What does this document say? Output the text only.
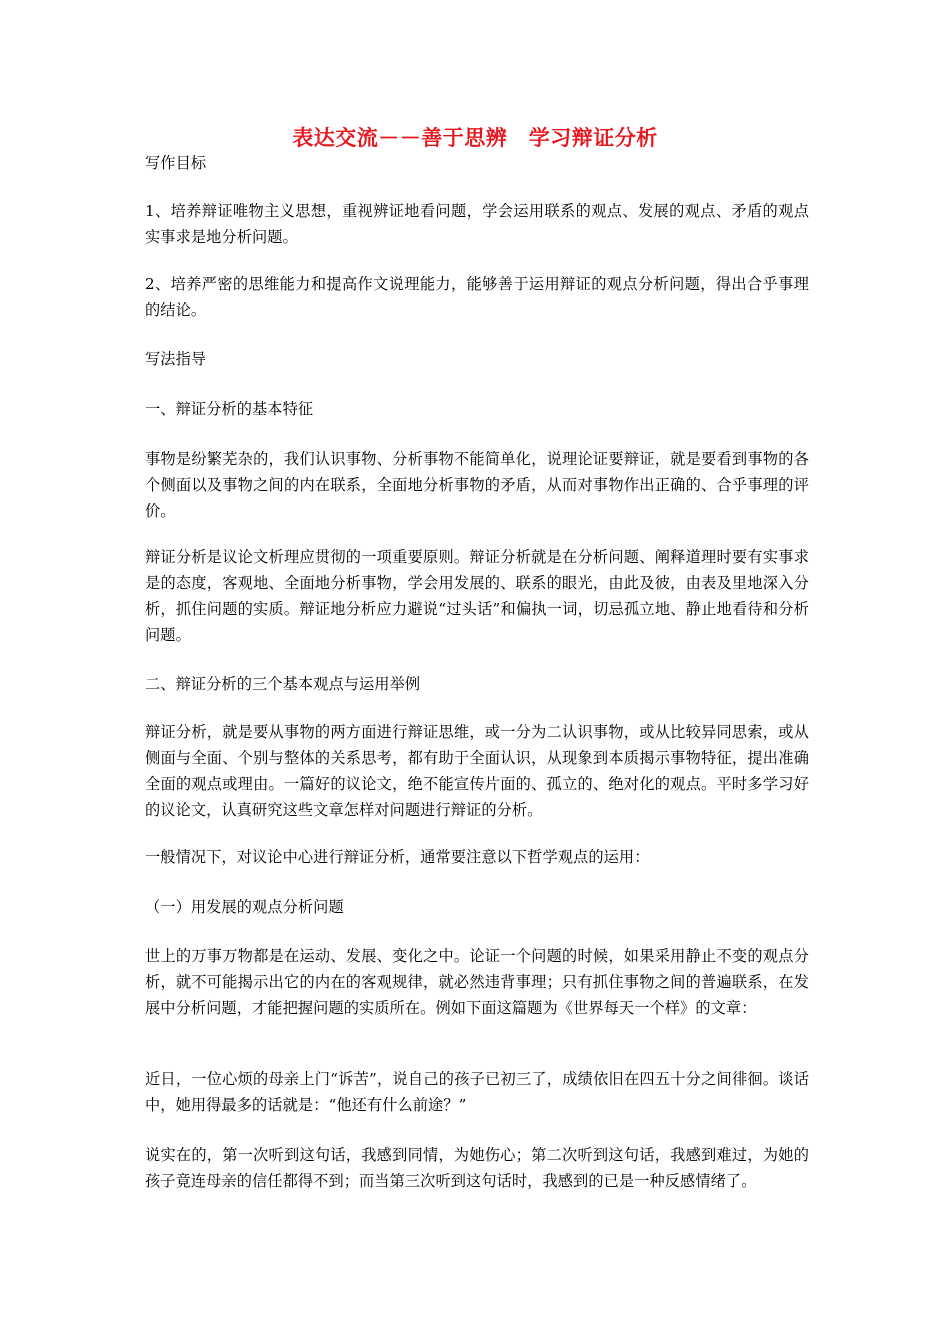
表达交流－－善于思辨　学习辩证分析

写作目标

1、培养辩证唯物主义思想，重视辨证地看问题，学会运用联系的观点、发展的观点、矛盾的观点实事求是地分析问题。

2、培养严密的思维能力和提高作文说理能力，能够善于运用辩证的观点分析问题，得出合乎事理的结论。

写法指导

一、辩证分析的基本特征

事物是纷繁芜杂的，我们认识事物、分析事物不能简单化，说理论证要辩证，就是要看到事物的各个侧面以及事物之间的内在联系，全面地分析事物的矛盾，从而对事物作出正确的、合乎事理的评价。

辩证分析是议论文析理应贯彻的一项重要原则。辩证分析就是在分析问题、阐释道理时要有实事求是的态度，客观地、全面地分析事物，学会用发展的、联系的眼光，由此及彼，由表及里地深入分析，抓住问题的实质。辩证地分析应力避说“过头话”和偏执一词，切忌孤立地、静止地看待和分析问题。

二、辩证分析的三个基本观点与运用举例

辩证分析，就是要从事物的两方面进行辩证思维，或一分为二认识事物，或从比较异同思索，或从侧面与全面、个别与整体的关系思考，都有助于全面认识，从现象到本质揭示事物特征，提出准确全面的观点或理由。一篇好的议论文，绝不能宣传片面的、孤立的、绝对化的观点。平时多学习好的议论文，认真研究这些文章怎样对问题进行辩证的分析。

一般情况下，对议论中心进行辩证分析，通常要注意以下哲学观点的运用：

（一）用发展的观点分析问题

世上的万事万物都是在运动、发展、变化之中。论证一个问题的时候，如果采用静止不变的观点分析，就不可能揭示出它的内在的客观规律，就必然违背事理；只有抓住事物之间的普遍联系，在发展中分析问题，才能把握问题的实质所在。例如下面这篇题为《世界每天一个样》的文章：

近日，一位心烦的母亲上门“诉苦”，说自己的孩子已初三了，成绩依旧在四五十分之间徘徊。谈话中，她用得最多的话就是：“他还有什么前途？”

说实在的，第一次听到这句话，我感到同情，为她伤心；第二次听到这句话，我感到难过，为她的孩子竟连母亲的信任都得不到；而当第三次听到这句话时，我感到的已是一种反感情绪了。
